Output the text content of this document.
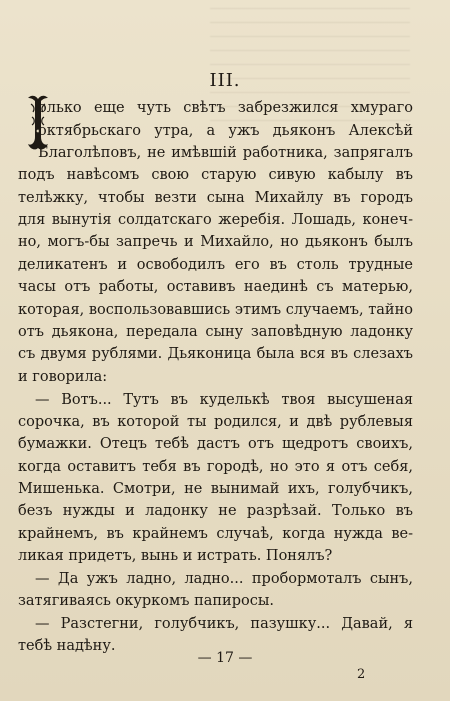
III.
олько еще чуть свѣтъ забрезжился хмураго
октябрьскаго утра, а ужъ дьяконъ Алексѣй
Благолѣповъ, не имѣвшiй работника, запрягалъ
подъ навѣсомъ свою старую сивую кабылу въ
телѣжку, чтобы везти сына Михайлу въ городъ
для вынутiя солдатскаго жеребiя. Лошадь, конеч-
но, могъ-бы запречь и Михайло, но дьяконъ былъ
деликатенъ и освободилъ его въ столь трудные
часы отъ работы, оставивъ наединѣ съ матерью,
которая, воспользовавшись этимъ случаемъ, тайно
отъ дьякона, передала сыну заповѣдную ладонку
съ двумя рублями. Дьяконица была вся въ слезахъ
и говорила:
— Вотъ... Тутъ въ куделькѣ твоя высушеная
сорочка, въ которой ты родился, и двѣ рублевыя
бумажки. Отецъ тебѣ дастъ отъ щедротъ своихъ,
когда оставитъ тебя въ городѣ, но это я отъ себя,
Мишенька. Смотри, не вынимай ихъ, голубчикъ,
безъ нужды и ладонку не разрѣзай. Только въ
крайнемъ, въ крайнемъ случаѣ, когда нужда ве-
ликая придетъ, вынь и истрать. Понялъ?
— Да ужъ ладно, ладно... пробормоталъ сынъ,
затягиваясь окуркомъ папиросы.
— Разстегни, голубчикъ, пазушку... Давай, я
тебѣ надѣну.
— 17 —
2
